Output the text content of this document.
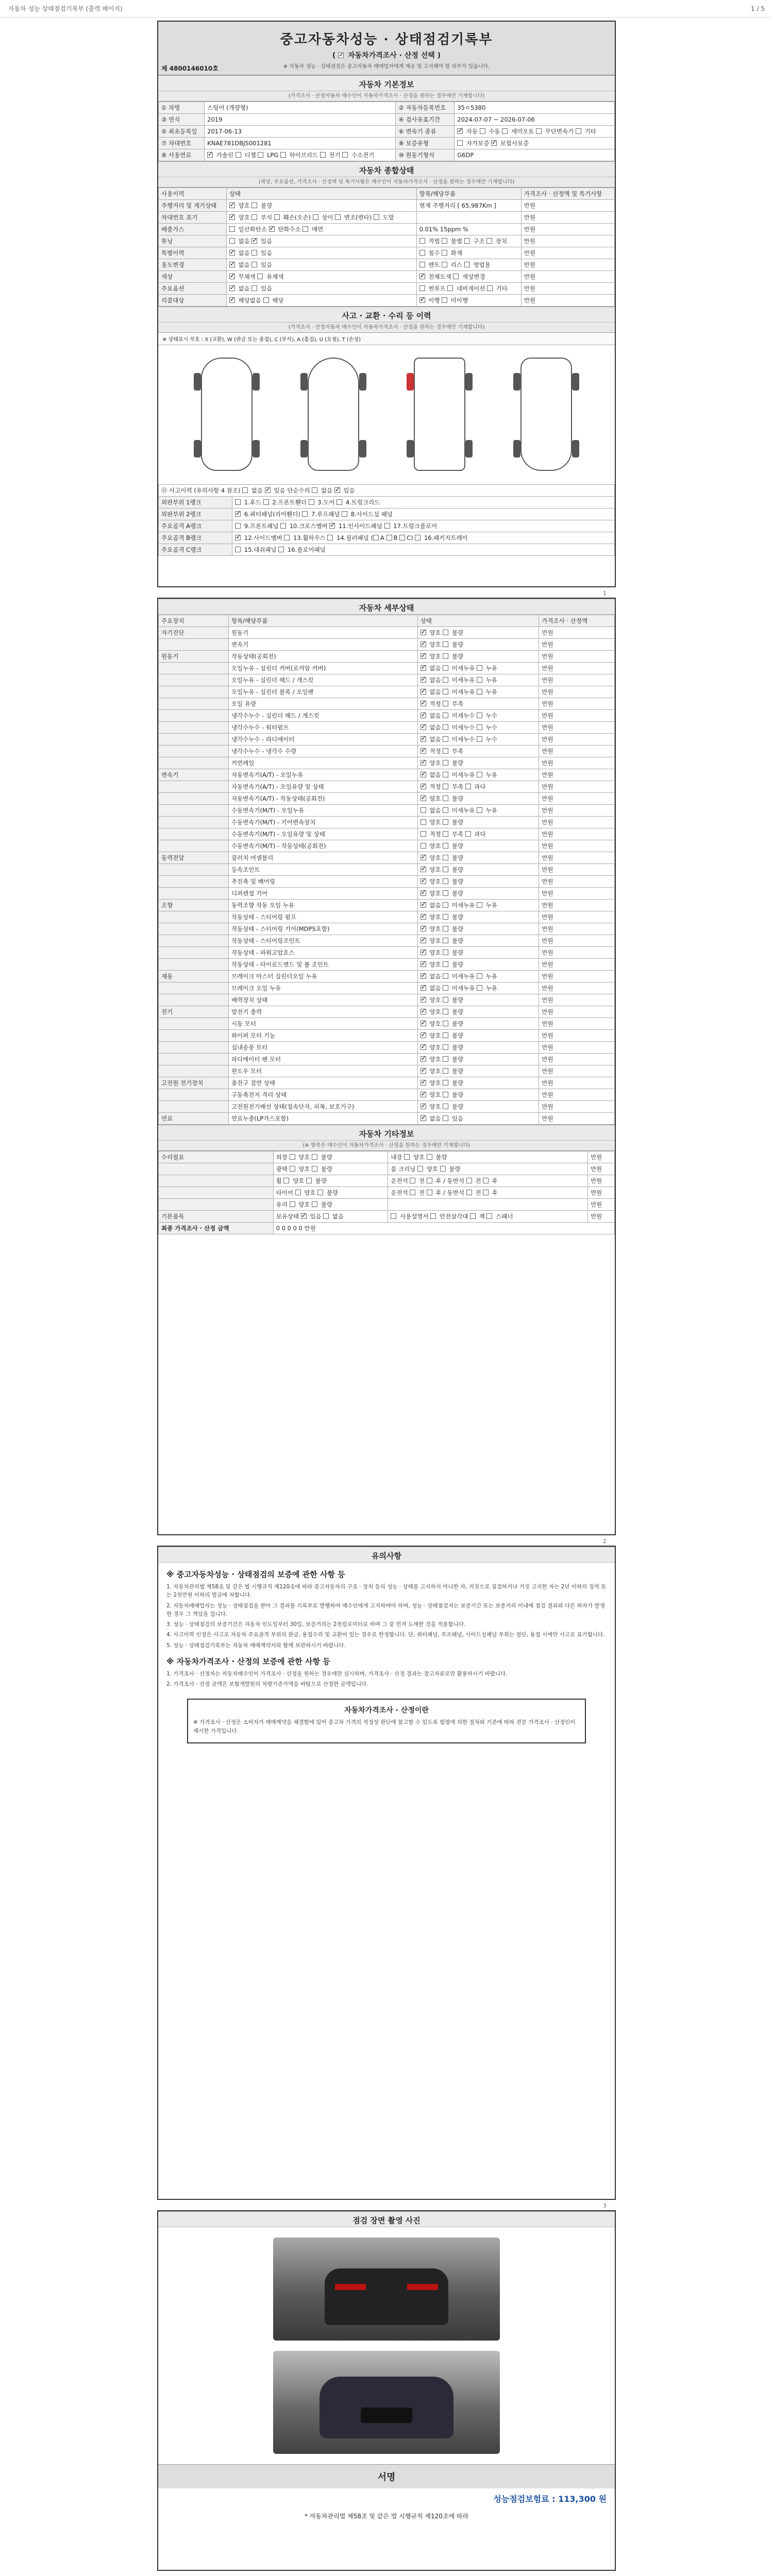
자동차 성능 상태점검기록부 (출력 페이지)	1 / 5
중고자동차성능 · 상태점검기록부
( ✓ 자동차가격조사 · 산정 선택 )
※ 자동차 성능 · 상태점검은 중고자동차 매매업자에게 제공 및 고지해야 할 의무가 있습니다.
제 4800146010호
자동차 기본정보
(가격조사 · 산정자동차 매수인이 자동차가격조사 · 산정을 원하는 경우에만 기재합니다)
① 차명	스팅어 (개량형)	② 자동차등록번호	35ㅇ5380
③ 연식	2019	④ 검사유효기간	2024-07-07 ~ 2026-07-06
⑤ 최초등록일	2017-06-13	⑥ 변속기 종류	✓ 자동  수동  세미오토  무단변속기  기타
⑦ 차대번호	KNAE781DBJS001281	⑧ 보증유형	자가보증 ✓ 보험사보증
⑨ 사용연료	✓ 가솔린  디젤  LPG  하이브리드  전기  수소전기	⑩ 원동기형식	G6DP
자동차 종합상태
(색상, 주요옵션, 가격조사 · 산정액 및 특기사항은 매수인이 자동차가격조사 · 산정을 원하는 경우에만 기재합니다)
사용이력	상태	항목/해당부품	가격조사 · 산정액 및 특기사항
주행거리 및 계기상태	✓ 양호  불량	현재 주행거리 [ 65,987Km ]	만원
차대번호 표기	✓ 양호  부식  훼손(오손)  상이  변조(변타)  도말		만원
배출가스	일산화탄소 ✓ 탄화수소  매연	0.01% 15ppm %	만원
튜닝	없음 ✓ 있음	적법  불법  구조  장치	만원
특별이력	✓ 없음  있음	침수  화재	만원
용도변경	✓ 없음  있음	렌트  리스  영업용	만원
색상	✓ 무채색  유채색	✓ 전체도색  색상변경	만원
주요옵션	✓ 없음  있음	썬루프  네비게이션  기타	만원
리콜대상	✓ 해당없음  해당	✓ 이행  미이행	만원
사고 · 교환 · 수리 등 이력
(가격조사 · 산정자동차 매수인이 자동차가격조사 · 산정을 원하는 경우에만 기재합니다)
※ 상태표시 부호 : X (교환), W (판금 또는 용접), C (부식), A (흠집), U (요철), T (손상)
⑪ 사고이력 (유의사항 4 참조)  없음 ✓ 있음 단순수리  없음 ✓ 있음
외판부위 1랭크	1.후드  2.프론트휀더  3.도어  4.트렁크리드
외판부위 2랭크	✓ 6.쿼터패널(리어휀더)  7.루프패널  8.사이드실 패널
주요골격 A랭크	9.프론트패널  10.크로스멤버 ✓ 11.인사이드패널  17.트렁크플로어
주요골격 B랭크	✓ 12.사이드멤버  13.휠하우스  14.필러패널 ( A B C)  16.패키지트레이
주요골격 C랭크	15.대쉬패널  16.플로어패널
1
자동차 세부상태
주요장치	항목/해당부품	상태	가격조사 · 산정액
자기진단	원동기	✓ 양호  불량	만원
	변속기	✓ 양호  불량	만원
원동기	작동상태(공회전)	✓ 양호  불량	만원
	오일누유 - 실린더 커버(로커암 커버)	✓ 없음  미세누유  누유	만원
	오일누유 - 실린더 헤드 / 개스킷	✓ 없음  미세누유  누유	만원
	오일누유 - 실린더 블록 / 오일팬	✓ 없음  미세누유  누유	만원
	오일 유량	✓ 적정  부족	만원
	냉각수누수 - 실린더 헤드 / 개스킷	✓ 없음  미세누수  누수	만원
	냉각수누수 - 워터펌프	✓ 없음  미세누수  누수	만원
	냉각수누수 - 라디에이터	✓ 없음  미세누수  누수	만원
	냉각수누수 - 냉각수 수량	✓ 적정  부족	만원
	커먼레일	✓ 양호  불량	만원
변속기	자동변속기(A/T) - 오일누유	✓ 없음  미세누유  누유	만원
	자동변속기(A/T) - 오일유량 및 상태	✓ 적정  부족  과다	만원
	자동변속기(A/T) - 작동상태(공회전)	✓ 양호  불량	만원
	수동변속기(M/T) - 오일누유	없음  미세누유  누유	만원
	수동변속기(M/T) - 기어변속장치	양호  불량	만원
	수동변속기(M/T) - 오일유량 및 상태	적정  부족  과다	만원
	수동변속기(M/T) - 작동상태(공회전)	양호  불량	만원
동력전달	클러치 어셈블리	✓ 양호  불량	만원
	등속조인트	✓ 양호  불량	만원
	추진축 및 베어링	✓ 양호  불량	만원
	디퍼렌셜 기어	✓ 양호  불량	만원
조향	동력조향 작동 오일 누유	✓ 없음  미세누유  누유	만원
	작동상태 - 스티어링 펌프	✓ 양호  불량	만원
	작동상태 - 스티어링 기어(MDPS포함)	✓ 양호  불량	만원
	작동상태 - 스티어링조인트	✓ 양호  불량	만원
	작동상태 - 파워고압호스	✓ 양호  불량	만원
	작동상태 - 타이로드엔드 및 볼 조인트	✓ 양호  불량	만원
제동	브레이크 마스터 실린더오일 누유	✓ 없음  미세누유  누유	만원
	브레이크 오일 누유	✓ 없음  미세누유  누유	만원
	배력장치 상태	✓ 양호  불량	만원
전기	발전기 출력	✓ 양호  불량	만원
	시동 모터	✓ 양호  불량	만원
	와이퍼 모터 기능	✓ 양호  불량	만원
	실내송풍 모터	✓ 양호  불량	만원
	라디에이터 팬 모터	✓ 양호  불량	만원
	윈도우 모터	✓ 양호  불량	만원
고전원 전기장치	충전구 절연 상태	✓ 양호  불량	만원
	구동축전지 격리 상태	✓ 양호  불량	만원
	고전원전기배선 상태(접속단자, 피복, 보호기구)	✓ 양호  불량	만원
연료	연료누출(LP가스포함)	✓ 없음  있음	만원
자동차 기타정보
(※ 항목은 매수인이 자동차가격조사 · 산정을 원하는 경우에만 기재합니다)
수리필요	외장  양호  불량	내장  양호  불량	만원
	광택  양호  불량	룸 크리닝  양호  불량	만원
	휠  양호  불량	운전석  전  후 / 동반석  전  후	만원
	타이어  양호  불량	운전석  전  후 / 동반석  전  후	만원
	유리  양호  불량		만원
기본품목	보유상태 ✓ 있음  없음	사용설명서  안전삼각대  잭  스패너	만원
최종 가격조사 · 산정 금액	0 0 0 0 0 만원		
2
유의사항
※ 중고자동차성능 · 상태점검의 보증에 관한 사항 등

1. 자동차관리법 제58조 및 같은 법 시행규칙 제120조에 따라 중고자동차의 구조 · 장치 등의 성능 · 상태를 고지하지 아니한 자, 거짓으로 점검하거나 거짓 고지한 자는 2년 이하의 징역 또는 2천만원 이하의 벌금에 처합니다.

2. 자동차매매업자는 성능 · 상태점검을 받아 그 결과를 기록부로 발행하여 매수인에게 고지하여야 하며, 성능 · 상태점검자는 보증기간 또는 보증거리 이내에 점검 결과와 다른 하자가 발생한 경우 그 책임을 집니다.

3. 성능 · 상태점검의 보증기간은 자동차 인도일부터 30일, 보증거리는 2천킬로미터로 하며 그 중 먼저 도래한 것을 적용합니다.

4. 사고이력 인정은 사고로 자동차 주요골격 부위의 판금, 용접수리 및 교환이 있는 경우로 한정합니다. 단, 쿼터패널, 루프패널, 사이드실패널 부위는 절단, 용접 시에만 사고로 표기합니다.

5. 성능 · 상태점검기록부는 자동차 매매계약서와 함께 보관하시기 바랍니다.

※ 자동차가격조사 · 산정의 보증에 관한 사항 등

1. 가격조사 · 산정자는 자동차매수인이 가격조사 · 산정을 원하는 경우에만 실시하며, 가격조사 · 산정 결과는 참고자료로만 활용하시기 바랍니다.

2. 가격조사 · 산정 금액은 보험개발원의 차량기준가액을 바탕으로 산정한 금액입니다.

자동차가격조사 · 산정이란

※ 가격조사 · 산정은 소비자가 매매계약을 체결함에 있어 중고차 가격의 적정성 판단에 참고할 수 있도록 법령에 의한 절차와 기준에 따라 전문 가격조사 · 산정인이 제시한 가격입니다.

3
점검 장면 촬영 사진
서명
성능점검보험료 : 113,300 원
* 자동차관리법 제58조 및 같은 법 시행규칙 제120조에 따라
